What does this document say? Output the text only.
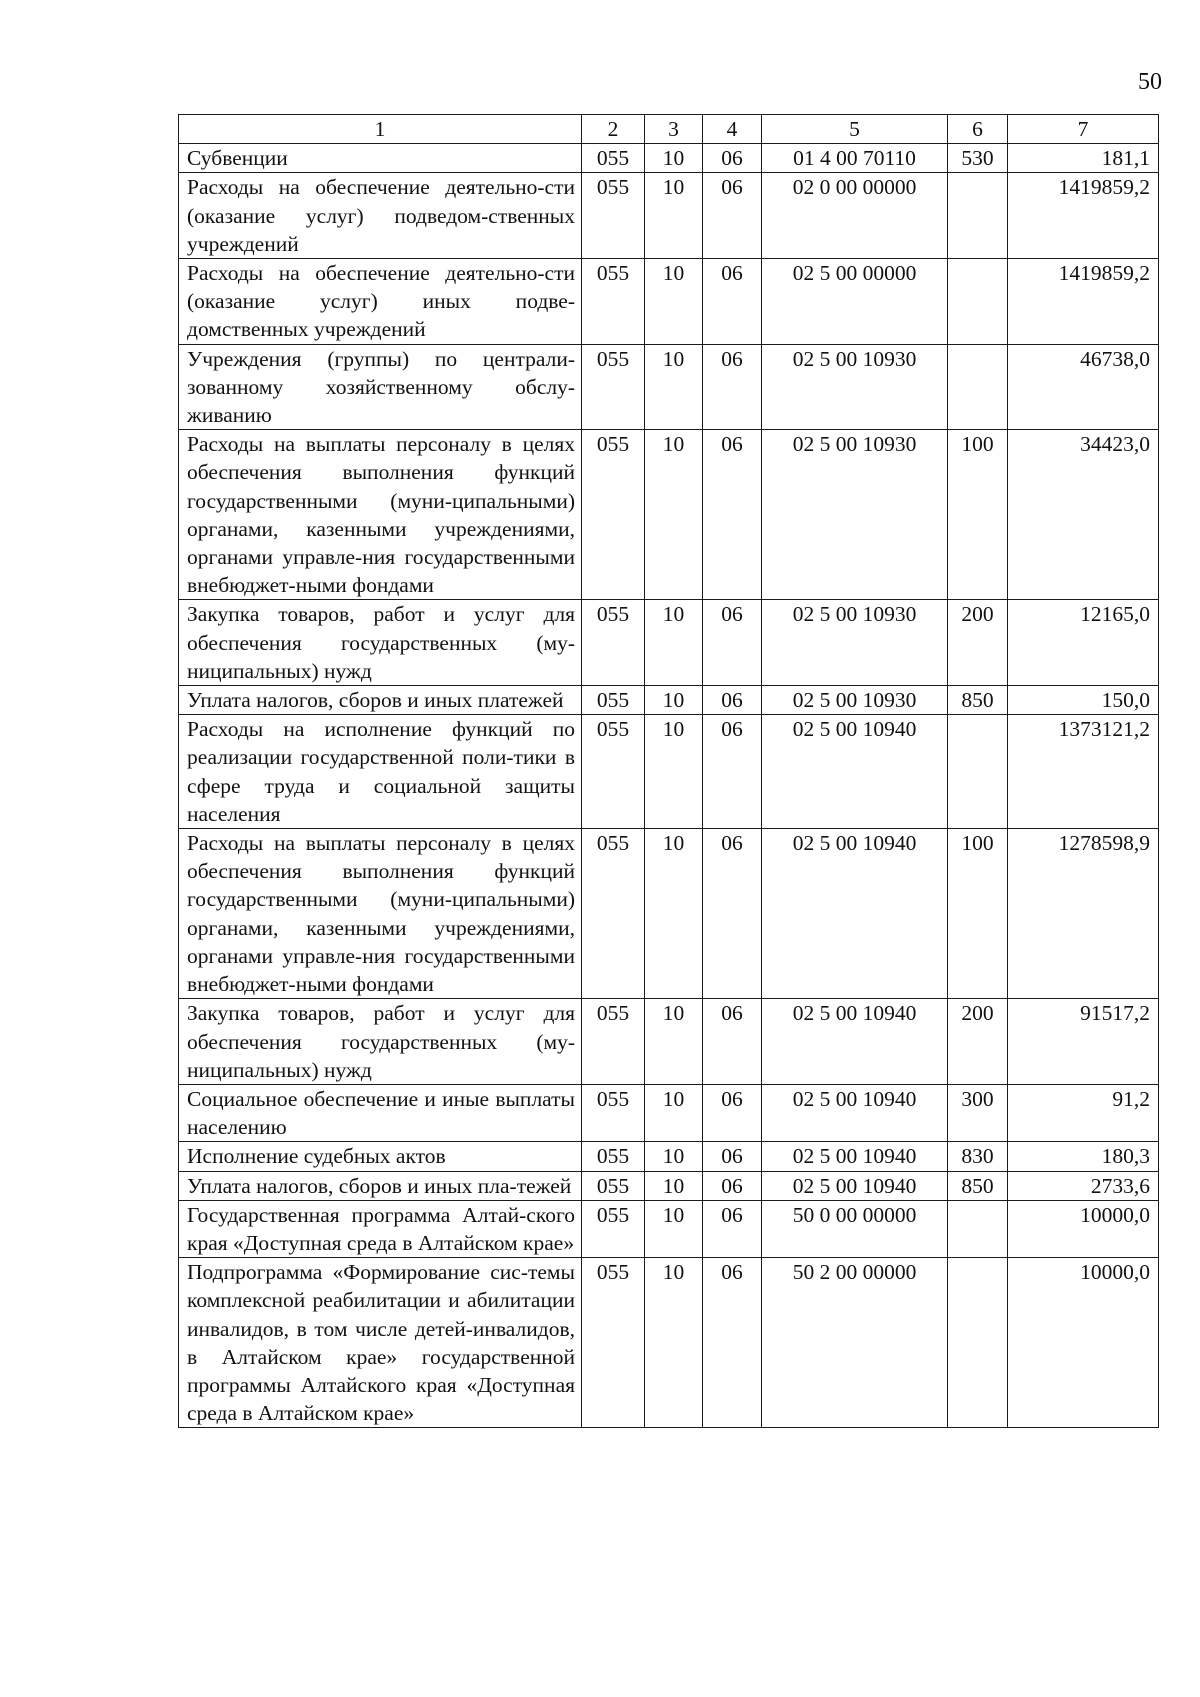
50
1	2	3	4	5	6	7
Субвенции	055	10	06	01 4 00 70110	530	181,1
Расходы на обеспечение деятельно-сти (оказание услуг) подведом-ственных учреждений	055	10	06	02 0 00 00000		1419859,2
Расходы на обеспечение деятельно-сти (оказание услуг) иных подве-домственных учреждений	055	10	06	02 5 00 00000		1419859,2
Учреждения (группы) по централи-зованному хозяйственному обслу-живанию	055	10	06	02 5 00 10930		46738,0
Расходы на выплаты персоналу в целях обеспечения выполнения функций государственными (муни-ципальными) органами, казенными учреждениями, органами управле-ния государственными внебюджет-ными фондами	055	10	06	02 5 00 10930	100	34423,0
Закупка товаров, работ и услуг для обеспечения государственных (му-ниципальных) нужд	055	10	06	02 5 00 10930	200	12165,0
Уплата налогов, сборов и иных платежей	055	10	06	02 5 00 10930	850	150,0
Расходы на исполнение функций по реализации государственной поли-тики в сфере труда и социальной защиты населения	055	10	06	02 5 00 10940		1373121,2
Расходы на выплаты персоналу в целях обеспечения выполнения функций государственными (муни-ципальными) органами, казенными учреждениями, органами управле-ния государственными внебюджет-ными фондами	055	10	06	02 5 00 10940	100	1278598,9
Закупка товаров, работ и услуг для обеспечения государственных (му-ниципальных) нужд	055	10	06	02 5 00 10940	200	91517,2
Социальное обеспечение и иные выплаты населению	055	10	06	02 5 00 10940	300	91,2
Исполнение судебных актов	055	10	06	02 5 00 10940	830	180,3
Уплата налогов, сборов и иных пла-тежей	055	10	06	02 5 00 10940	850	2733,6
Государственная программа Алтай-ского края «Доступная среда в Алтайском крае»	055	10	06	50 0 00 00000		10000,0
Подпрограмма «Формирование сис-темы комплексной реабилитации и абилитации инвалидов, в том числе детей-инвалидов, в Алтайском крае» государственной программы Алтайского края «Доступная среда в Алтайском крае»	055	10	06	50 2 00 00000		10000,0
